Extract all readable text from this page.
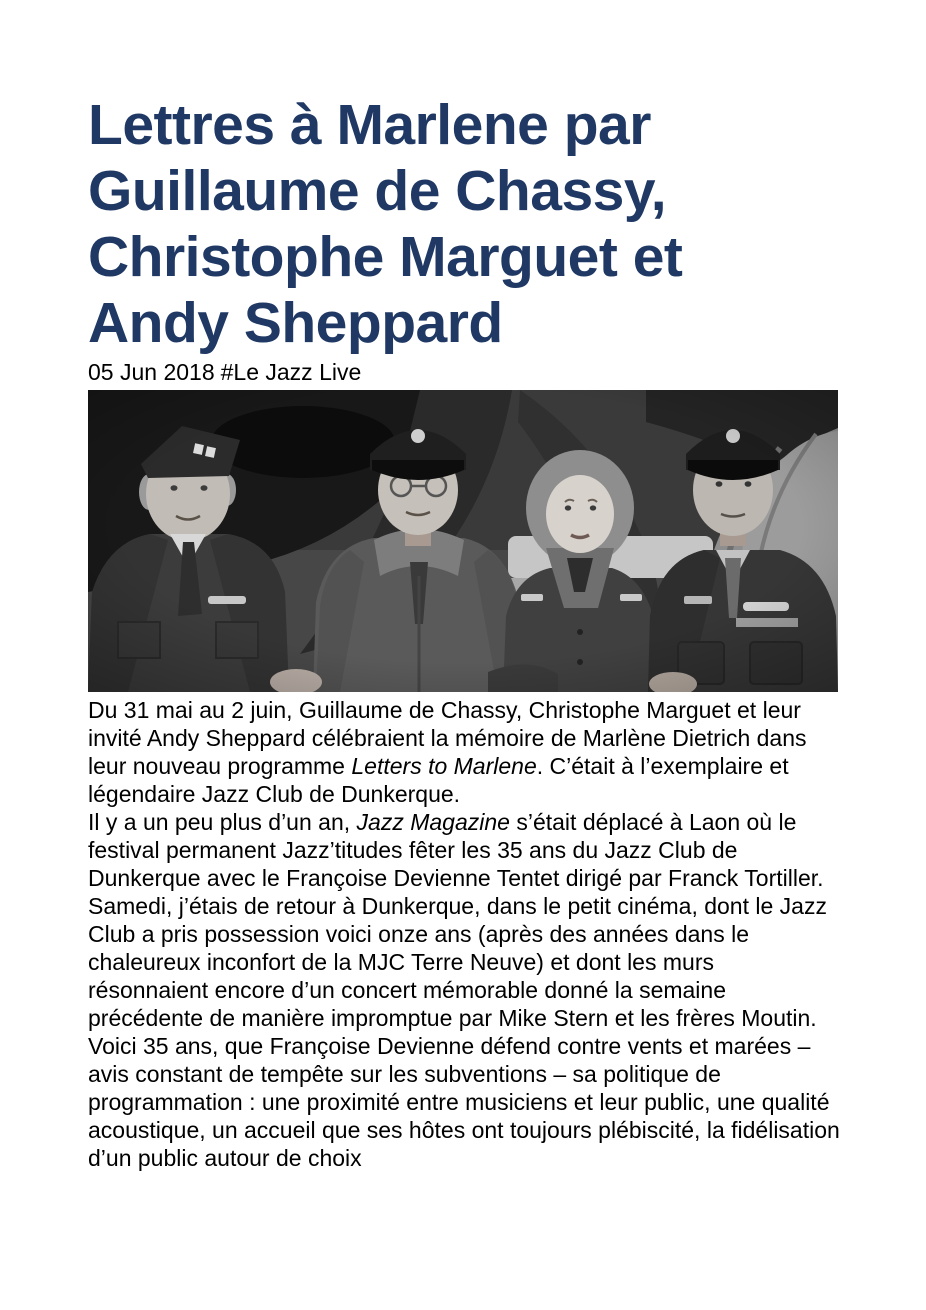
Lettres à Marlene par
Guillaume de Chassy,
Christophe Marguet et
Andy Sheppard
05 Jun 2018 #Le Jazz Live

Du 31 mai au 2 juin, Guillaume de Chassy, Christophe Marguet et leur invité Andy Sheppard célébraient la mémoire de Marlène Dietrich dans leur nouveau programme Letters to Marlene. C’était à l’exemplaire et légendaire Jazz Club de Dunkerque.

Il y a un peu plus d’un an, Jazz Magazine s’était déplacé à Laon où le festival permanent Jazz’titudes fêter les 35 ans du Jazz Club de Dunkerque avec le Françoise Devienne Tentet dirigé par Franck Tortiller. Samedi, j’étais de retour à Dunkerque, dans le petit cinéma, dont le Jazz Club a pris possession voici onze ans (après des années dans le chaleureux inconfort de la MJC Terre Neuve) et dont les murs résonnaient encore d’un concert mémorable donné la semaine précédente de manière impromptue par Mike Stern et les frères Moutin.

Voici 35 ans, que Françoise Devienne défend contre vents et marées – avis constant de tempête sur les subventions – sa politique de programmation : une proximité entre musiciens et leur public, une qualité acoustique, un accueil que ses hôtes ont toujours plébiscité, la fidélisation d’un public autour de choix
